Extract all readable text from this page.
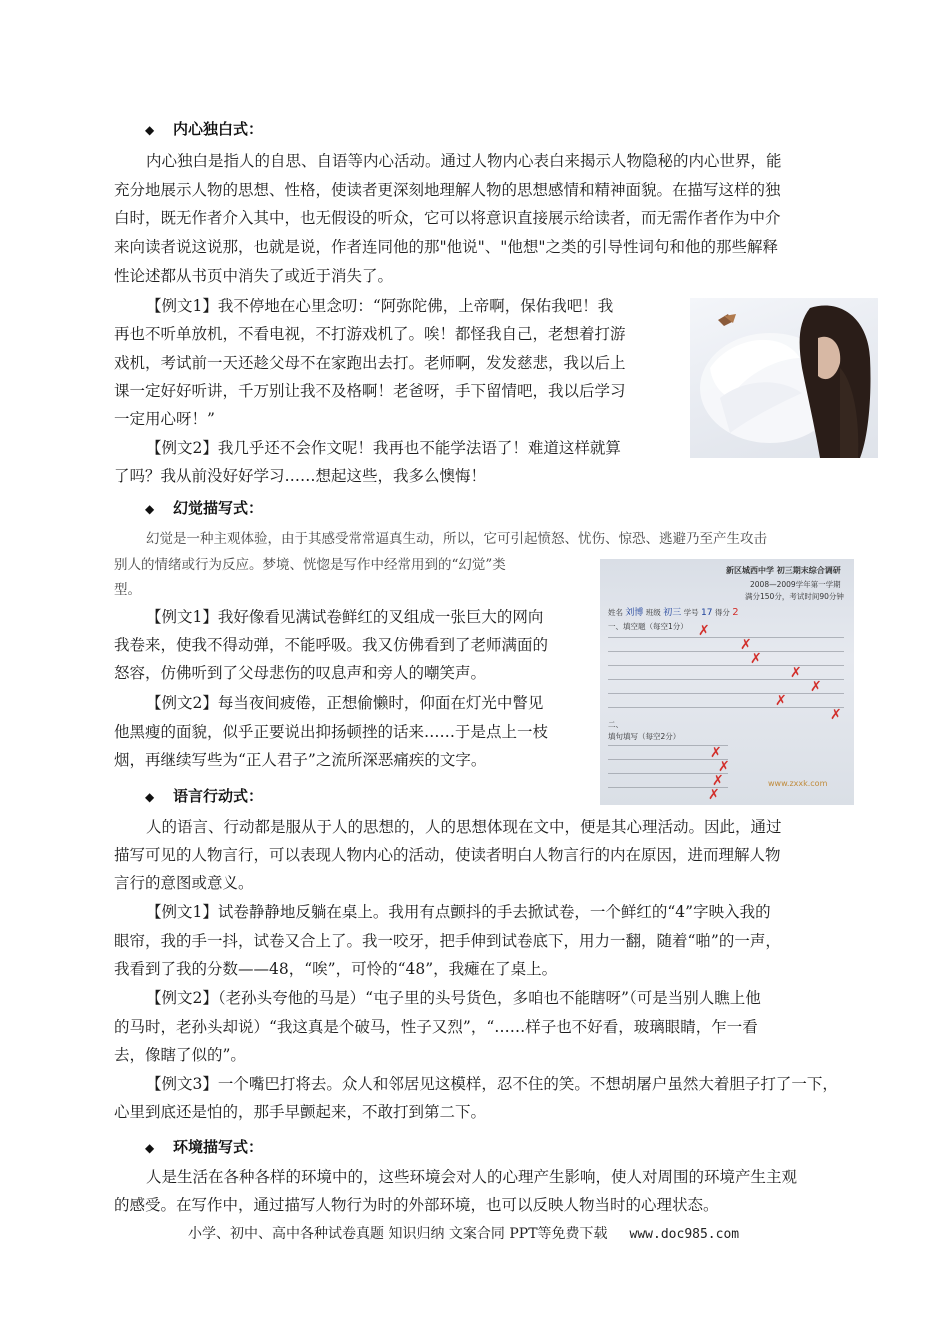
◆ 内心独白式：
内心独白是指人的自思、自语等内心活动。通过人物内心表白来揭示人物隐秘的内心世界，能
充分地展示人物的思想、性格，使读者更深刻地理解人物的思想感情和精神面貌。在描写这样的独
白时，既无作者介入其中，也无假设的听众，它可以将意识直接展示给读者，而无需作者作为中介
来向读者说这说那，也就是说，作者连同他的那"他说"、"他想"之类的引导性词句和他的那些解释
性论述都从书页中消失了或近于消失了。
【例文1】我不停地在心里念叨：“阿弥陀佛，上帝啊，保佑我吧！我
再也不听单放机，不看电视，不打游戏机了。唉！都怪我自己，老想着打游
戏机，考试前一天还趁父母不在家跑出去打。老师啊，发发慈悲，我以后上
课一定好好听讲，千万别让我不及格啊！老爸呀，手下留情吧，我以后学习
一定用心呀！”
【例文2】我几乎还不会作文呢！我再也不能学法语了！难道这样就算
了吗？我从前没好好学习……想起这些，我多么懊悔！
◆ 幻觉描写式：
幻觉是一种主观体验，由于其感受常常逼真生动，所以，它可引起愤怒、忧伤、惊恐、逃避乃至产生攻击
别人的情绪或行为反应。梦境、恍惚是写作中经常用到的“幻觉”类
型。
【例文1】我好像看见满试卷鲜红的叉组成一张巨大的网向
我卷来，使我不得动弹，不能呼吸。我又仿佛看到了老师满面的
怒容，仿佛听到了父母悲伤的叹息声和旁人的嘲笑声。
【例文2】每当夜间疲倦，正想偷懒时，仰面在灯光中瞥见
他黑瘦的面貌，似乎正要说出抑扬顿挫的话来……于是点上一枝
烟，再继续写些为“正人君子”之流所深恶痛疾的文字。
新区城西中学 初三期末综合调研
2008—2009学年第一学期
满分150分，考试时间90分钟
姓名 刘博 班级 初三 学号 17 得分 2
一、填空题（每空1分）
二、
填句填写（每空2分）
✗
✗
✗
✗
✗
✗
✗
✗
✗
✗
✗
www.zxxk.com
◆ 语言行动式：
人的语言、行动都是服从于人的思想的，人的思想体现在文中，便是其心理活动。因此，通过
描写可见的人物言行，可以表现人物内心的活动，使读者明白人物言行的内在原因，进而理解人物
言行的意图或意义。
【例文1】试卷静静地反躺在桌上。我用有点颤抖的手去掀试卷，一个鲜红的“4”字映入我的
眼帘，我的手一抖，试卷又合上了。我一咬牙，把手伸到试卷底下，用力一翻，随着“啪”的一声，
我看到了我的分数——48，“唉”，可怜的“48”，我瘫在了桌上。
【例文2】（老孙头夸他的马是）“屯子里的头号货色，多咱也不能瞎呀”（可是当别人瞧上他
的马时，老孙头却说）“我这真是个破马，性子又烈”，“……样子也不好看，玻璃眼睛，乍一看
去，像瞎了似的”。
【例文3】一个嘴巴打将去。众人和邻居见这模样，忍不住的笑。不想胡屠户虽然大着胆子打了一下，
心里到底还是怕的，那手早颤起来，不敢打到第二下。
◆ 环境描写式：
人是生活在各种各样的环境中的，这些环境会对人的心理产生影响，使人对周围的环境产生主观
的感受。在写作中，通过描写人物行为时的外部环境，也可以反映人物当时的心理状态。
小学、初中、高中各种试卷真题 知识归纳 文案合同 PPT等免费下载 www.doc985.com
